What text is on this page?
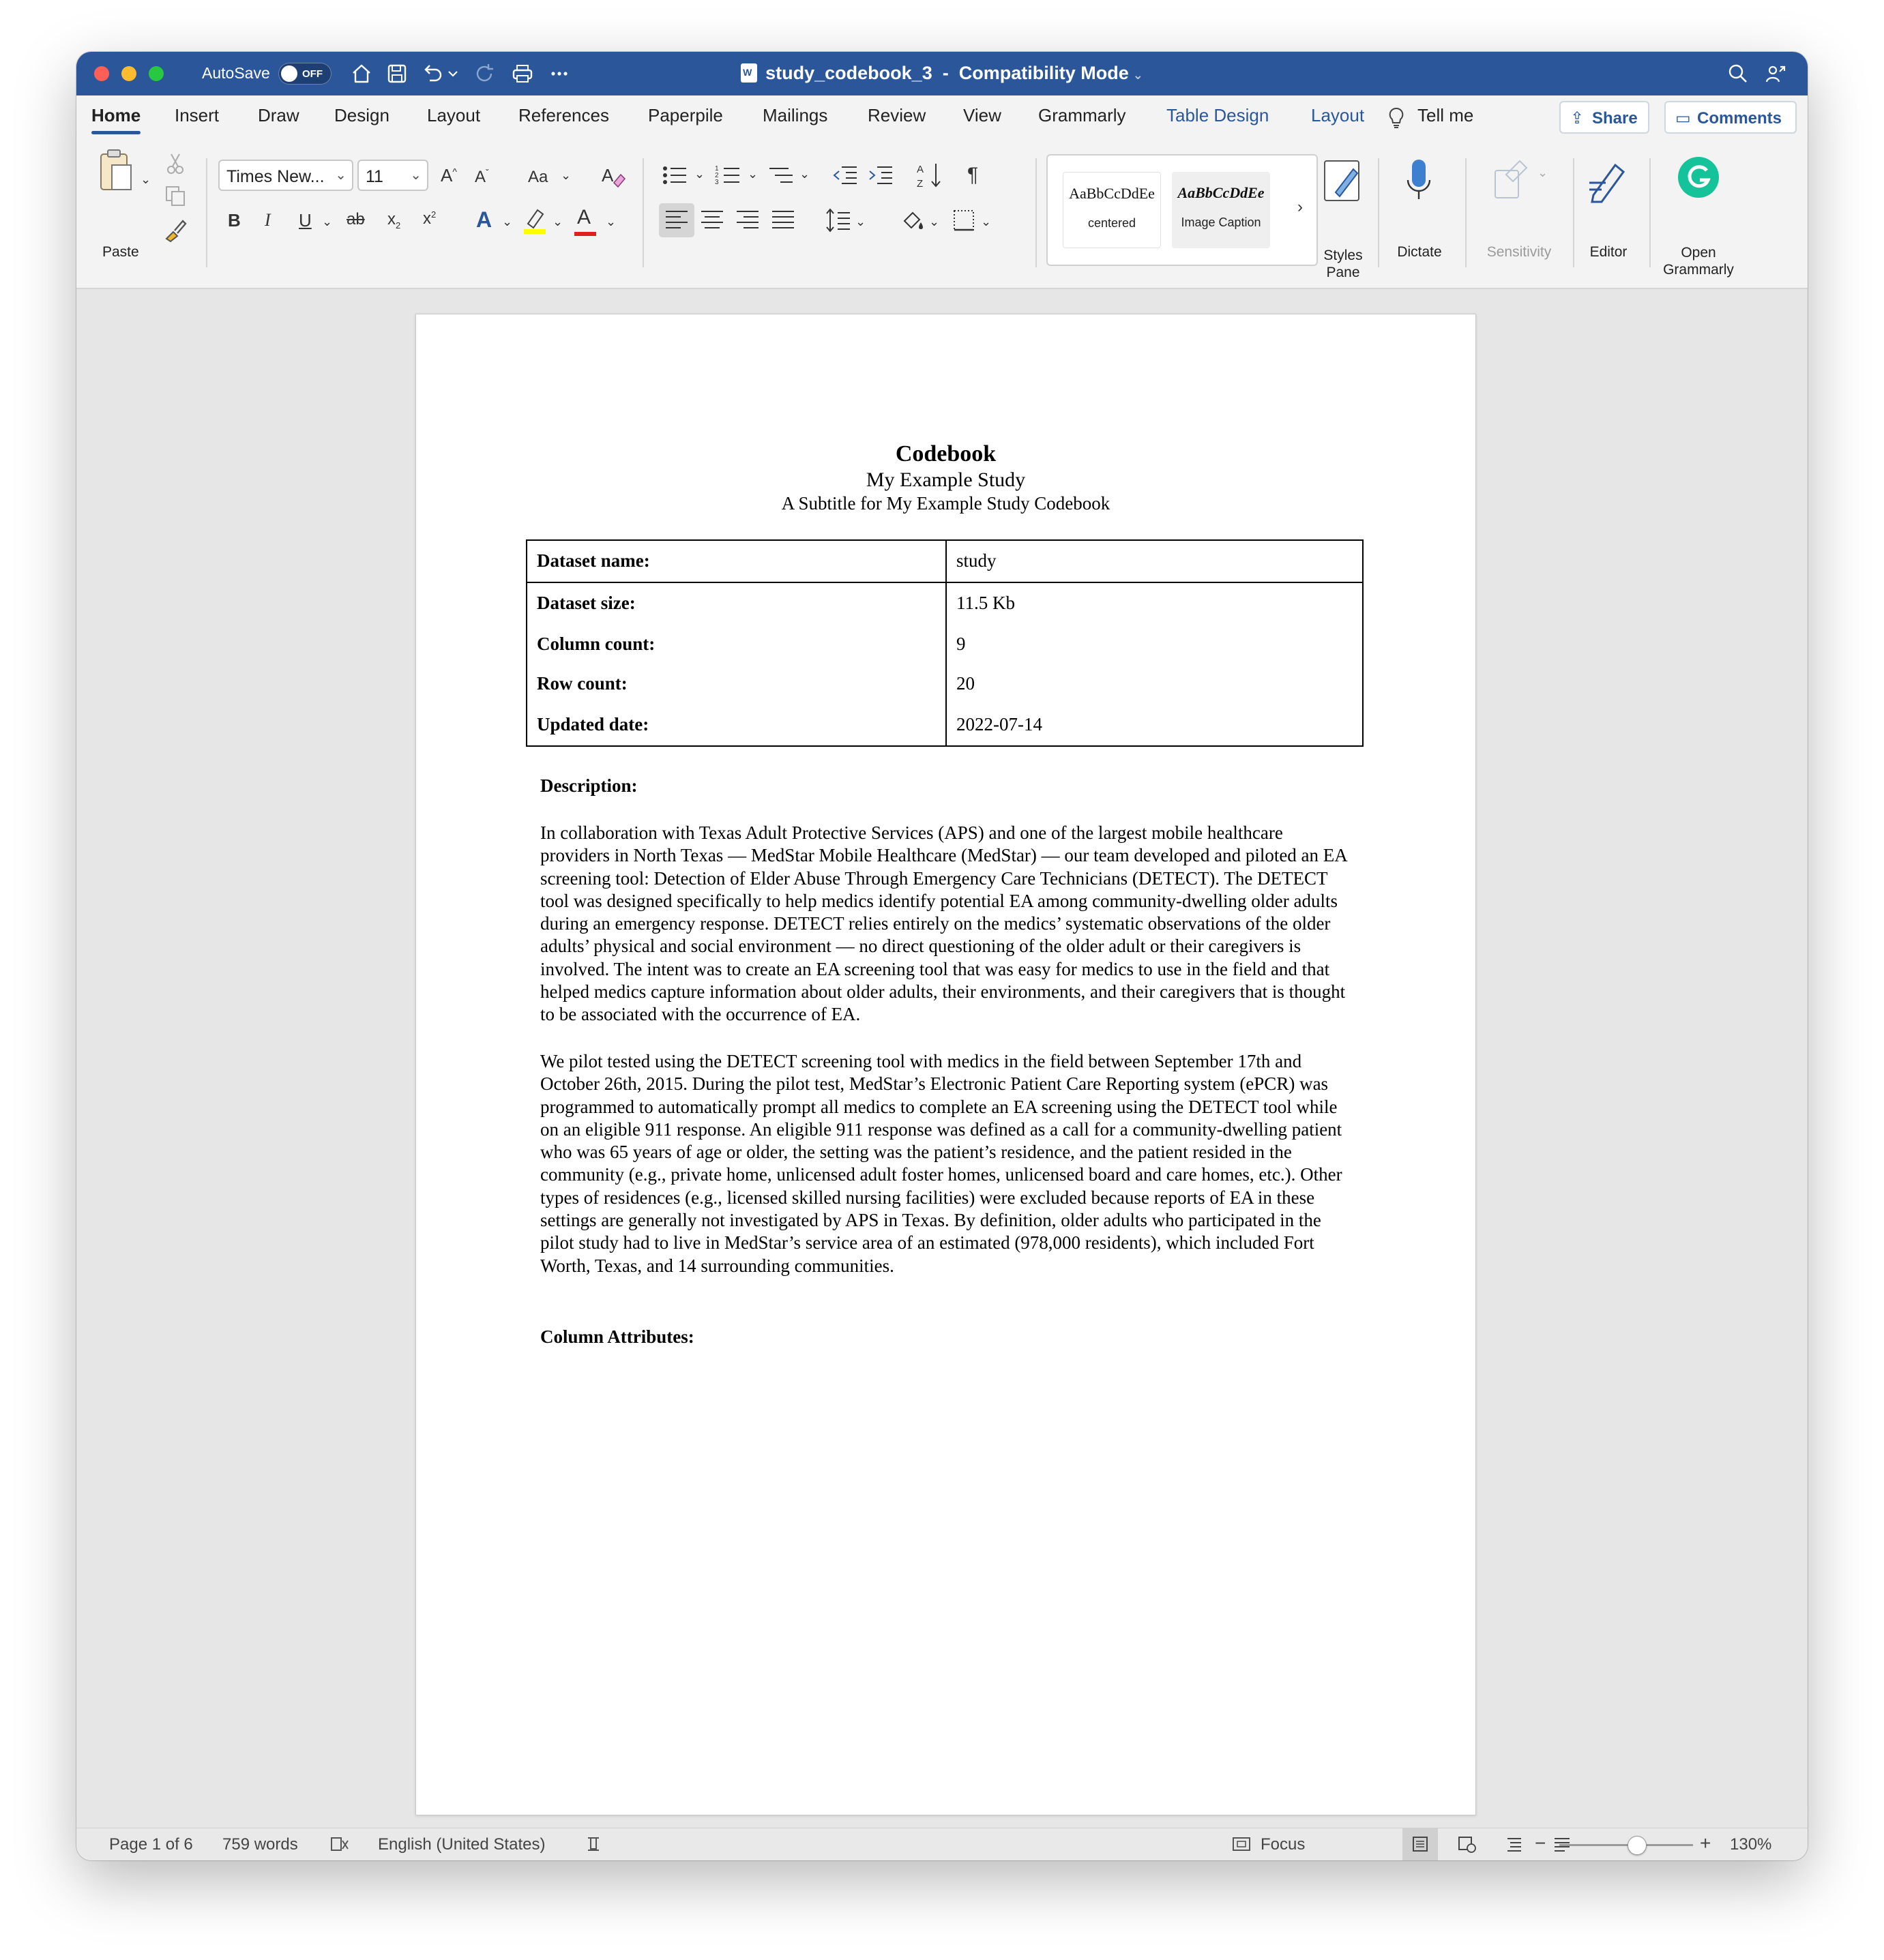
AutoSave	OFF
W	study_codebook_3 - Compatibility Mode ⌄
Home Insert Draw Design Layout References Paperpile Mailings Review View Grammarly Table Design Layout	Tell me	⇪ Share	▭ Comments
⌄
Paste
Times New... ⌄	11 ⌄ A^ $A^ˇ$ Aa ⌄ A
B I U ⌄ ab $x_2$ $x^2$ A ⌄	⌄ A ⌄
⌄ 1
2
3
⌄	⌄	A
Z ¶
⌄	⌄	⌄
AaBbCcDdEe
centered
AaBbCcDdEe
Image Caption
›
Styles Pane
Dictate
⌄
Sensitivity	Editor	Open Grammarly
Codebook
My Example Study
A Subtitle for My Example Study Codebook
Dataset name:	study
Dataset size:	11.5 Kb
Column count:	9
Row count:	20
Updated date:	2022-07-14
Description:
In collaboration with Texas Adult Protective Services (APS) and one of the largest mobile healthcare providers in North Texas — MedStar Mobile Healthcare (MedStar) — our team developed and piloted an EA screening tool: Detection of Elder Abuse Through Emergency Care Technicians (DETECT). The DETECT tool was designed specifically to help medics identify potential EA among community-dwelling older adults during an emergency response. DETECT relies entirely on the medics’ systematic observations of the older adults’ physical and social environment — no direct questioning of the older adult or their caregivers is involved. The intent was to create an EA screening tool that was easy for medics to use in the field and that helped medics capture information about older adults, their environments, and their caregivers that is thought to be associated with the occurrence of EA.
We pilot tested using the DETECT screening tool with medics in the field between September 17th and October 26th, 2015. During the pilot test, MedStar’s Electronic Patient Care Reporting system (ePCR) was programmed to automatically prompt all medics to complete an EA screening using the DETECT tool while on an eligible 911 response. An eligible 911 response was defined as a call for a community-dwelling patient who was 65 years of age or older, the setting was the patient’s residence, and the patient resided in the community (e.g., private home, unlicensed adult foster homes, unlicensed board and care homes, etc.). Other types of residences (e.g., licensed skilled nursing facilities) were excluded because reports of EA in these settings are generally not investigated by APS in Texas. By definition, older adults who participated in the pilot study had to live in MedStar’s service area of an estimated (978,000 residents), which included Fort Worth, Texas, and 14 surrounding communities.
Column Attributes:
Page 1 of 6 759 words	English (United States)	Focus	−	+ 130%
